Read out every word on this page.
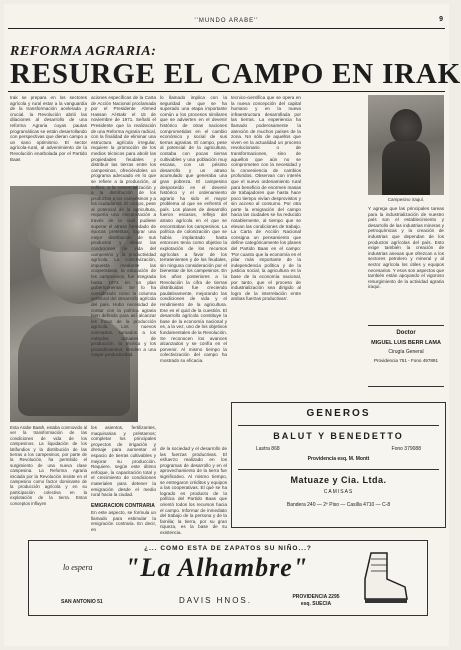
''MUNDO ARABE''	9
REFORMA AGRARIA:
RESURGE EL CAMPO EN IRAK
Irak se prepara en los sectores agrícola y rural estar a la vanguardia de la transformación acelerada y crucial. la Revolución abrió las dilaciones al desarrollo de una reforma Agraria cuyas pautas programáticas se están desarrollando con perspectivas que dieran campo a un sano optimismo. El sector agrícola-rural, al advenimiento de la Revolución enarbolada por el Partido Baas
Esta Arabe Baath, estaba conmovido al ver la transformación de las condiciones de vida de los campesinos. La liquidación de los latifundios y la distribución de las tierras a los campesinos, por parte de la Revolución, ha permitido el surgimiento de una nueva clase campesina. La Reforma Agraria iniciada por la Revolución insiste en el campesino como factor dominante de la producción agrícola y en su participación colectiva en la explotación de la tierra. Estos conceptos influyen
aciones específicas de la Carta de Acción Nacional proclamada por el Presidente Ahmed Hassan Al-Bakr el 15 de noviembre de 1971. Señaló el Presidente que la realización de una Reforma Agraria radical, con la finalidad de eliminar una estructura agrícola irregular, requiere la promoción de los medios técnicos para abolir las propiedades feudales y distribuir las tierras entre los campesinos, ofreciéndoles un programa adecuado en lo que se refiere a la producción, al cultivo, a la comercialización y a la distribución de los productos a los campesinos y a los ciudadanos. El campo, pese al potencial de la agricultura, requería una mecanización a través de la cual pudiese superar el atraso heredado de épocas pretéritas, lograr una mejor distribución de sus productos y elevar las condiciones de vida del campesino y la productividad agrícola. La colectivización, impuesta mediante las cooperativas, la educación de los campesinos, fue integrada hasta 1971 en un plan gubernamental. Se lo ha considerado como la columna vertebral del desarrollo agrícola del país. Hubo necesidad de contar con la política agraria bien definida para así alcanzar los frutos de la producción agrícola. Los nuevos conceptos, sumados a los métodos actuales de producción, la técnica y los procedimientos, tienden a una mayor productividad.
los asientos, fertilizantes, maquinarias y préstamos; completar los principales proyectos de irrigación y drenaje para aumentar el espacio de tierras cultivables y mejorar su producción. Requiere, según este último enfoque, la capacitación total y el crecimiento de condiciones materiales para detener la emigración desde el medio rural hacia la ciudad.
EMIGRACION CONTRARIA
En este aspecto, se formula un llamado para estimular la emigración contraria. En decir, en
lo llamado implica con la seguridad de que se ha superado una etapa importante común a los procesos similares que se advierten en el devenir histórico de otras naciones comprometidas en el cambio económico y social de sus tierras agrarias. El campo, pese al potencial de la agricultura, contaba con pocas tierras cultivables y una población muy escasa, con un pésimo desarrollo y un atraso acumulado que generaba una gran pobreza. El campesino desposeído en el devenir histórico y el ordenamiento agrario ha sido el mayor problema al que se enfrentó el país. Los planes de desarrollo fueron escasos, reflejo del atraso agrícola en el que se encontraban los campesinos. La política de colonización que se había implantado hasta entonces tenía como objetivo la explotación de los recursos agrícolas a favor de los terratenientes y de los feudales, sin ninguna consideración por el bienestar de los campesinos. En los años posteriores a la Revolución la cifra de tierras distribuidas fue creciendo paulatinamente, mejorando las condiciones de vida y el rendimiento de la agricultura. Ese es el quid de la cuestión. El desarrollo agrícola constituye la base de la economía nacional y es, a la vez, uno de los objetivos fundamentales de la Revolución. Se reconocen los avances alcanzados y se confía en el porvenir. Al mismo tiempo la colectivización del campo ha mostrado su eficacia.
de la sociedad y el desarrollo de las fuerzas productivas. El esfuerzo realizado en los programas de desarrollo y en el aprovechamiento de la tierra fue significativo. Al mismo tiempo, se entregaron créditos y equipos a las cooperativas. El qué se ha logrado es producto de la política del Partido Baas que orientó todos los recursos hacia el campo. Informar de inmediato del trabajo de la persona y de la familia; la tierra, por su gran riqueza, es la base de su existencia.
tecnico-científica que se opera en la nueva concepción del capital humano y en la nueva infraestructura desarrollada por las tierras. La experiencia ha llamado poderosamente la atención de muchos países de la zona. No sólo de aquellos que viven en la actualidad un proceso revolucionario o de transformaciones, sino de aquellos que aún no se comprometen con la necesidad y la conveniencia de cambios profundos. Observan con interés que el nuevo ordenamiento rural para beneficio de enormes masas de trabajadores que hasta hace poco tiempo vivían desprovistos y sin acceso al consumo. Por otra parte la emigración del campo hacia las ciudades se ha reducido notablemente, al tiempo que se elevan las condiciones de trabajo. La Carta de Acción Nacional consigna un pensamiento que define categóricamente los planes del Partido Baas en el campo: 'Por cuanto que la economía es el pilar más importante de la independencia política y de la justicia social, la agricultura es la base de la economía nacional, por tanto, que el proceso de industrialización sea dirigido al logro de la interrelación entre ambas fuerzas productivas'.
Campesino iraquí.
Y agrega que las principales tareas para la industrialización de nuestro país son el establecimiento y desarrollo de las industrias mineras y petroquímicas y la creación de industrias que dependan de los productos agrícolas del país. Esto exige también la creación de industrias anexas que ofrezcan a los sectores petrolero y mineral y al sector agrícola los útiles y equipos necesarios. Y esos son aspectos que también están apoyando el vigoroso resurgimiento de la actividad agraria iraquí.
Doctor
MIGUEL LUIS BERR LAMA
Cirugía General
Providencia 751 - Fono 497891
GENEROS
BALUT Y BENEDETTO
Lastra 868	Fono 379088
Providencia esq. M. Montt
Matuaze y Cia. Ltda.
CAMISAS
Bandera 240 — 2º Piso — Casilla 4710 — C-8
¿... COMO ESTA DE ZAPATOS SU NIÑO...?
lo espera "La Alhambre"
SAN ANTONIO 51	DAVIS HNOS.	PROVIDENCIA 2295
esq. SUECIA
